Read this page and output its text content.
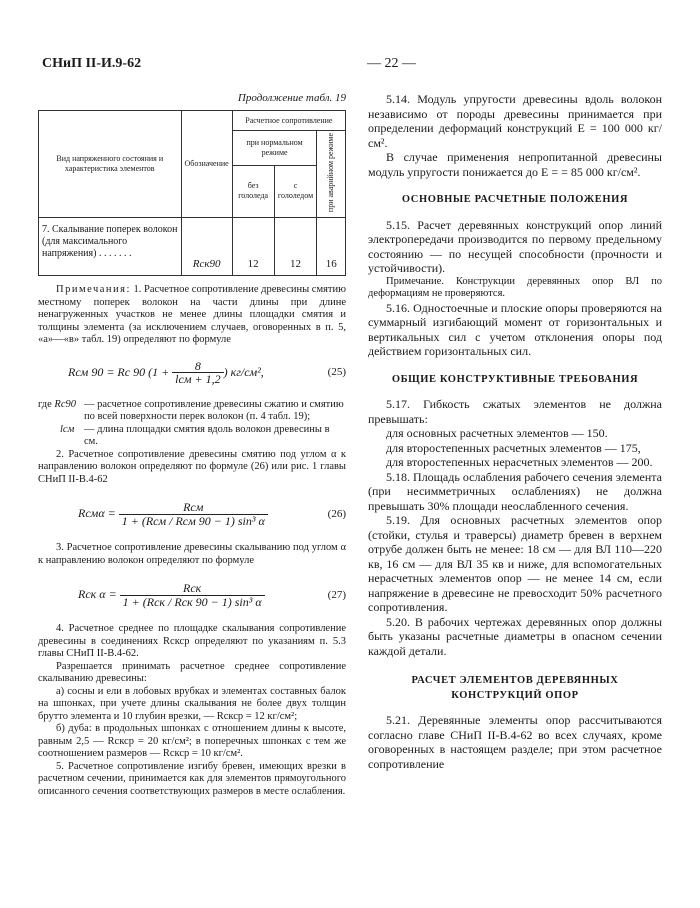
СНиП II-И.9-62	— 22 —

Продолжение табл. 19

Вид напряженного состояния и характеристика элементов	Обозначение	Расчетное сопротивление		
		при нормальном режиме		при аварийном режиме
		без гололеда	с гололедом	
7. Скалывание поперек волокон (для максимального напряжения) . . . . . . .	Rск90	12	12	16

Примечания: 1. Расчетное сопротивление древесины смятию местному поперек волокон на части длины при длине ненагруженных участков не менее длины площадки смятия и толщины элемента (за исключением случаев, оговоренных в п. 5, «а»—«в» табл. 19) определяют по формуле

Rсм 90 = Rс 90 ($1 + \frac{8}{\text{lсм + 1,2}}$ ) кг/см²,	(25)
где Rс90 — расчетное сопротивление древесины сжатию и смятию по всей поверхности перек волокон (п. 4 табл. 19);
lсм — длина площадки смятия вдоль волокон древесины в см.

2. Расчетное сопротивление древесины смятию под углом α к направлению волокон определяют по формуле (26) или рис. 1 главы СНиП II-В.4-62

$Rсм\alpha = \frac{\text{Rсм}}{\text{1 + (Rсм / Rсм 90 − 1) sin³ α}}$	(26)

3. Расчетное сопротивление древесины скалыванию под углом α к направлению волокон определяют по формуле

Rск $\alpha = \frac{\text{Rск}}{\text{1 + (Rск / Rск 90 − 1) sin³ α}}$	(27)

4. Расчетное среднее по площадке скалывания сопротивление древесины в соединениях Rскср определяют по указаниям п. 5.3 главы СНиП II-В.4-62.

Разрешается принимать расчетное среднее сопротивление скалыванию древесины:

а) сосны и ели в лобовых врубках и элементах составных балок на шпонках, при учете длины скалывания не более двух толщин брутто элемента и 10 глубин врезки, — Rскср = 12 кг/см²;

б) дуба: в продольных шпонках с отношением длины к высоте, равным 2,5 — Rскср = 20 кг/см²; в поперечных шпонках с тем же соотношением размеров — Rскср = 10 кг/см².

5. Расчетное сопротивление изгибу бревен, имеющих врезки в расчетном сечении, принимается как для элементов прямоугольного описанного сечения соответствующих размеров в месте ослабления.

5.14. Модуль упругости древесины вдоль волокон независимо от породы древесины принимается при определении деформаций конструкций E = 100 000 кг/см².

В случае применения непропитанной древесины модуль упругости понижается до E = = 85 000 кг/см².

ОСНОВНЫЕ РАСЧЕТНЫЕ ПОЛОЖЕНИЯ

5.15. Расчет деревянных конструкций опор линий электропередачи производится по первому предельному состоянию — по несущей способности (прочности и устойчивости).

Примечание. Конструкции деревянных опор ВЛ по деформациям не проверяются.

5.16. Одностоечные и плоские опоры проверяются на суммарный изгибающий момент от горизонтальных и вертикальных сил с учетом отклонения опоры под действием горизонтальных сил.

ОБЩИЕ КОНСТРУКТИВНЫЕ ТРЕБОВАНИЯ

5.17. Гибкость сжатых элементов не должна превышать:

для основных расчетных элементов — 150.

для второстепенных расчетных элементов — 175,

для второстепенных нерасчетных элементов — 200.

5.18. Площадь ослабления рабочего сечения элемента (при несимметричных ослаблениях) не должна превышать 30% площади неослабленного сечения.

5.19. Для основных расчетных элементов опор (стойки, стулья и траверсы) диаметр бревен в верхнем отрубе должен быть не менее: 18 см — для ВЛ 110—220 кв, 16 см — для ВЛ 35 кв и ниже, для вспомогательных нерасчетных элементов опор — не менее 14 см, если напряжение в древесине не превосходит 50% расчетного сопротивления.

5.20. В рабочих чертежах деревянных опор должны быть указаны расчетные диаметры в опасном сечении каждой детали.

РАСЧЕТ ЭЛЕМЕНТОВ ДЕРЕВЯННЫХ КОНСТРУКЦИЙ ОПОР

5.21. Деревянные элементы опор рассчитываются согласно главе СНиП II-В.4-62 во всех случаях, кроме оговоренных в настоящем разделе; при этом расчетное сопротивление
